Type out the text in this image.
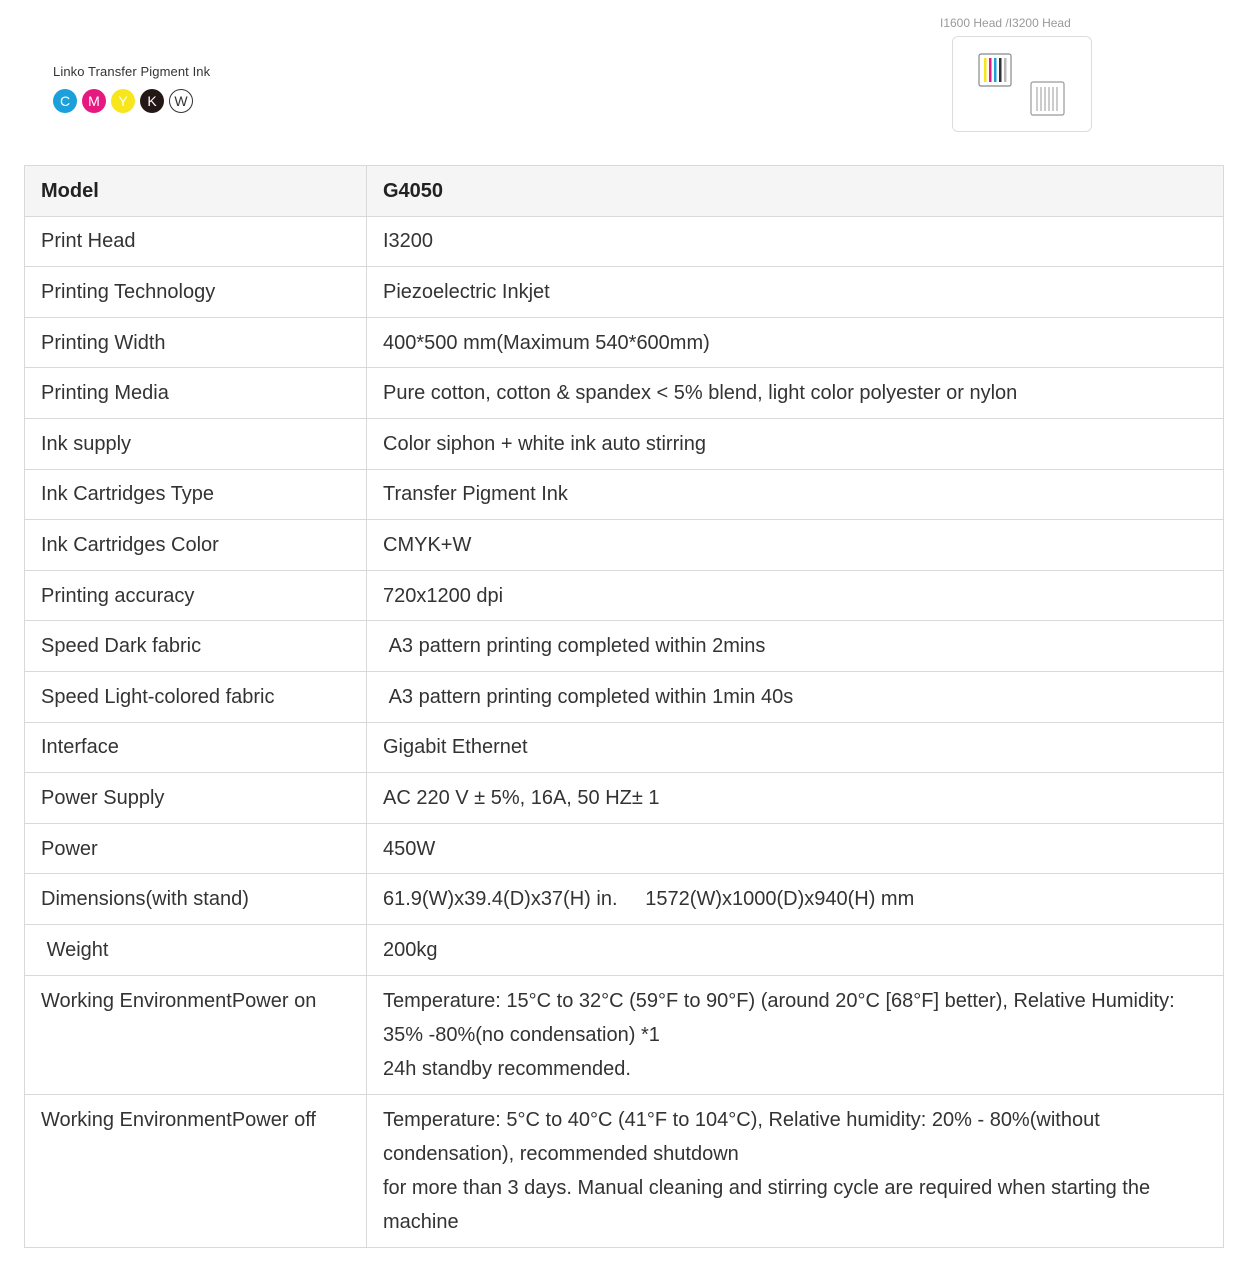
Linko Transfer Pigment Ink
C	M	Y	K	W
I1600 Head /I3200 Head
Model	G4050
Print Head	I3200
Printing Technology	Piezoelectric Inkjet
Printing Width	400*500 mm(Maximum 540*600mm)
Printing Media	Pure cotton, cotton & spandex < 5% blend, light color polyester or nylon
Ink supply	Color siphon + white ink auto stirring
Ink Cartridges Type	Transfer Pigment Ink
Ink Cartridges Color	CMYK+W
Printing accuracy	720x1200 dpi
Speed Dark fabric	A3 pattern printing completed within 2mins
Speed Light-colored fabric	A3 pattern printing completed within 1min 40s
Interface	Gigabit Ethernet
Power Supply	AC 220 V ± 5%, 16A, 50 HZ± 1
Power	450W
Dimensions(with stand)	61.9(W)x39.4(D)x37(H) in.     1572(W)x1000(D)x940(H) mm
Weight	200kg
Working EnvironmentPower on	Temperature: 15°C to 32°C (59°F to 90°F) (around 20°C [68°F] better), Relative Humidity: 35% -80%(no condensation) *1
24h standby recommended.

Working EnvironmentPower off	Temperature: 5°C to 40°C (41°F to 104°C), Relative humidity: 20% - 80%(without condensation), recommended shutdown
for more than 3 days. Manual cleaning and stirring cycle are required when starting the machine
